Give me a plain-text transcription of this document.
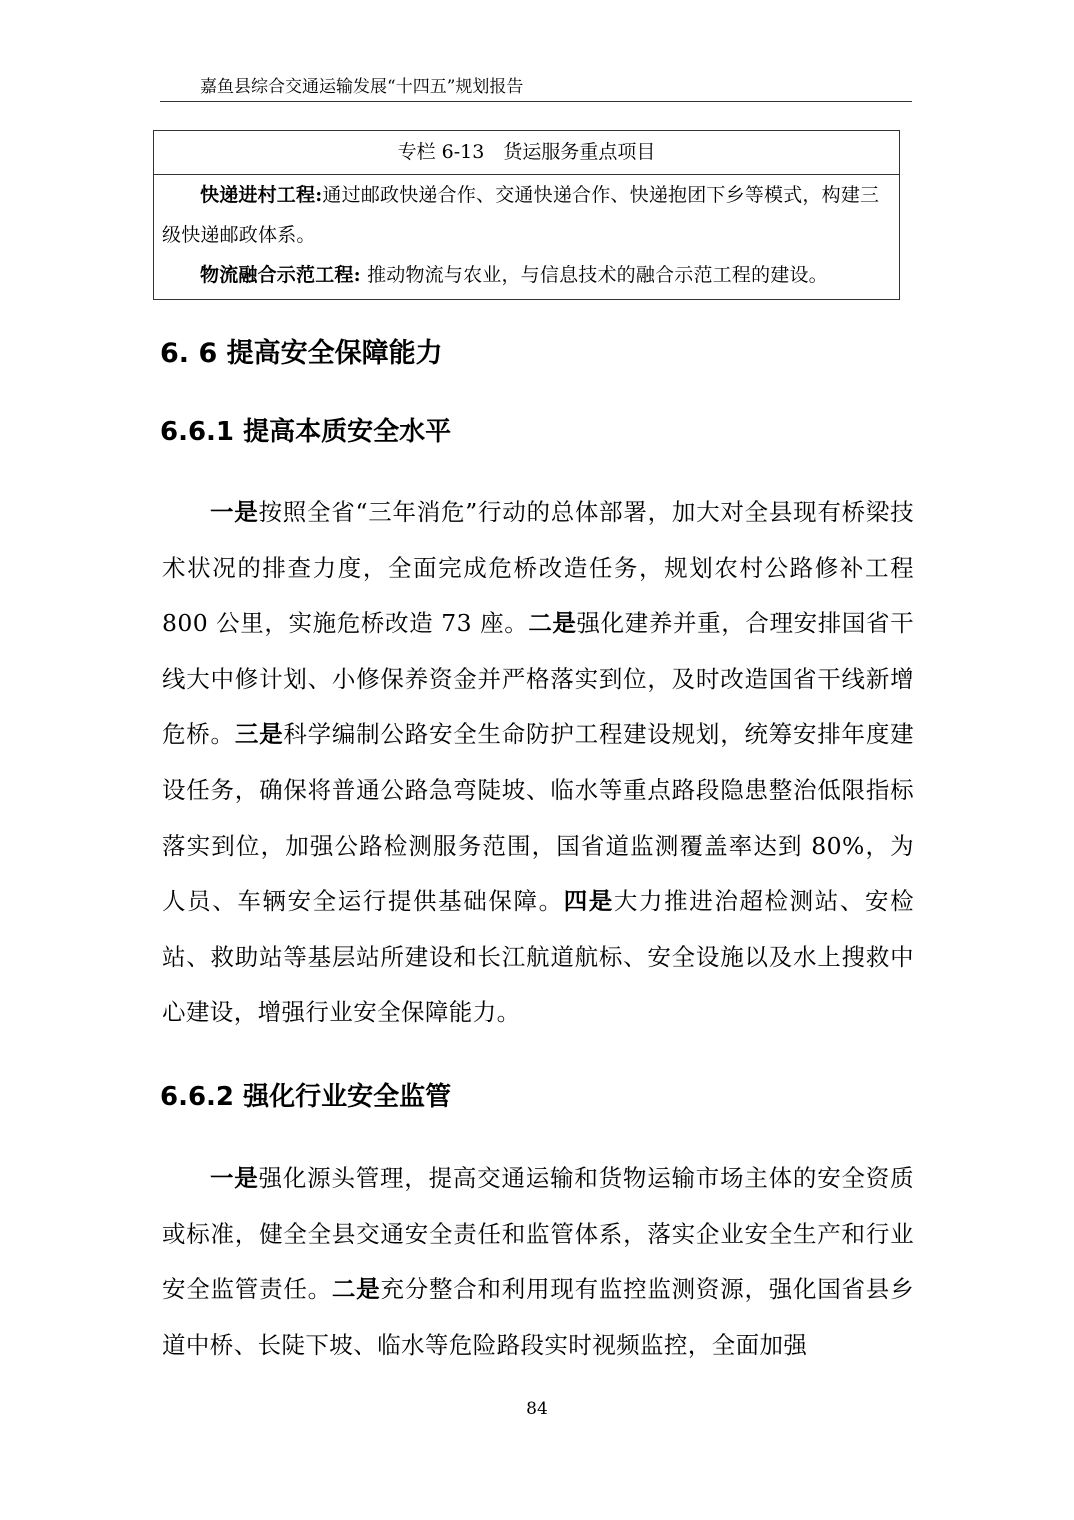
嘉鱼县综合交通运输发展“十四五”规划报告
专栏 6-13　货运服务重点项目

快递进村工程:通过邮政快递合作、交通快递合作、快递抱团下乡等模式，构建三级快递邮政体系。

物流融合示范工程: 推动物流与农业，与信息技术的融合示范工程的建设。

6. 6 提高安全保障能力
6.6.1 提高本质安全水平

一是按照全省“三年消危”行动的总体部署，加大对全县现有桥梁技术状况的排查力度，全面完成危桥改造任务，规划农村公路修补工程 800 公里，实施危桥改造 73 座。二是强化建养并重，合理安排国省干线大中修计划、小修保养资金并严格落实到位，及时改造国省干线新增危桥。三是科学编制公路安全生命防护工程建设规划，统筹安排年度建设任务，确保将普通公路急弯陡坡、临水等重点路段隐患整治低限指标落实到位，加强公路检测服务范围，国省道监测覆盖率达到 80%，为人员、车辆安全运行提供基础保障。四是大力推进治超检测站、安检站、救助站等基层站所建设和长江航道航标、安全设施以及水上搜救中心建设，增强行业安全保障能力。

6.6.2 强化行业安全监管

一是强化源头管理，提高交通运输和货物运输市场主体的安全资质或标准，健全全县交通安全责任和监管体系，落实企业安全生产和行业安全监管责任。二是充分整合和利用现有监控监测资源，强化国省县乡道中桥、长陡下坡、临水等危险路段实时视频监控，全面加强

84
